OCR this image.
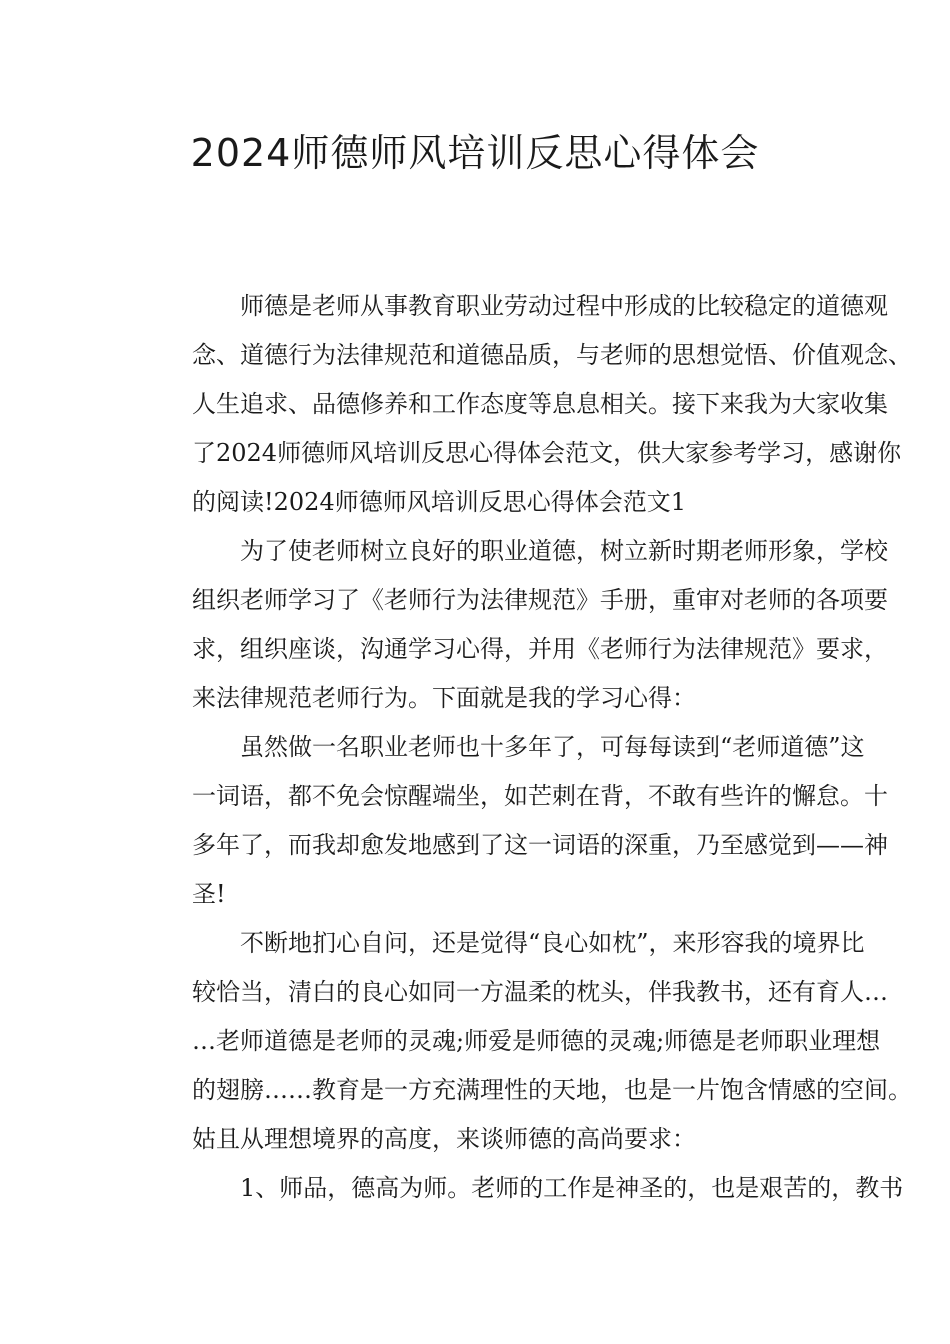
2024师德师风培训反思心得体会
师德是老师从事教育职业劳动过程中形成的比较稳定的道德观
念、道德行为法律规范和道德品质，与老师的思想觉悟、价值观念、
人生追求、品德修养和工作态度等息息相关。接下来我为大家收集
了2024师德师风培训反思心得体会范文，供大家参考学习，感谢你
的阅读!2024师德师风培训反思心得体会范文1
为了使老师树立良好的职业道德，树立新时期老师形象，学校
组织老师学习了《老师行为法律规范》手册，重审对老师的各项要
求，组织座谈，沟通学习心得，并用《老师行为法律规范》要求，
来法律规范老师行为。下面就是我的学习心得：
虽然做一名职业老师也十多年了，可每每读到“老师道德”这
一词语，都不免会惊醒端坐，如芒刺在背，不敢有些许的懈怠。十
多年了，而我却愈发地感到了这一词语的深重，乃至感觉到——神
圣!
不断地扪心自问，还是觉得“良心如枕”，来形容我的境界比
较恰当，清白的良心如同一方温柔的枕头，伴我教书，还有育人…
…老师道德是老师的灵魂;师爱是师德的灵魂;师德是老师职业理想
的翅膀……教育是一方充满理性的天地，也是一片饱含情感的空间。
姑且从理想境界的高度，来谈师德的高尚要求：
1、师品，德高为师。老师的工作是神圣的，也是艰苦的，教书
